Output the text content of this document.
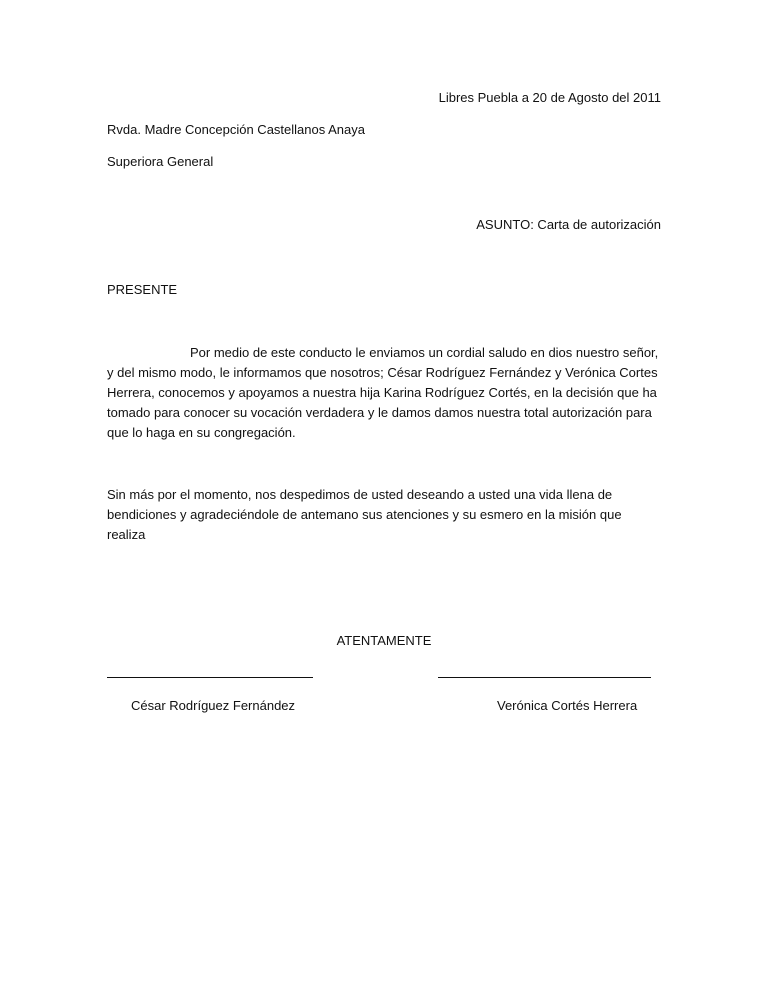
Libres Puebla a 20 de Agosto del 2011
Rvda. Madre Concepción Castellanos Anaya
Superiora General
ASUNTO: Carta de autorización
PRESENTE
Por medio de este conducto le enviamos un cordial saludo en dios nuestro señor, y del mismo modo, le informamos que nosotros; César Rodríguez Fernández y Verónica Cortes Herrera, conocemos y apoyamos a nuestra hija Karina Rodríguez Cortés, en la decisión que ha tomado para conocer su vocación verdadera y le damos damos nuestra total autorización para que lo haga en su congregación.
Sin más por el momento, nos despedimos de usted deseando a usted una vida llena de bendiciones y agradeciéndole de antemano sus atenciones y su esmero en la misión que realiza
ATENTAMENTE
César Rodríguez Fernández	Verónica Cortés Herrera
